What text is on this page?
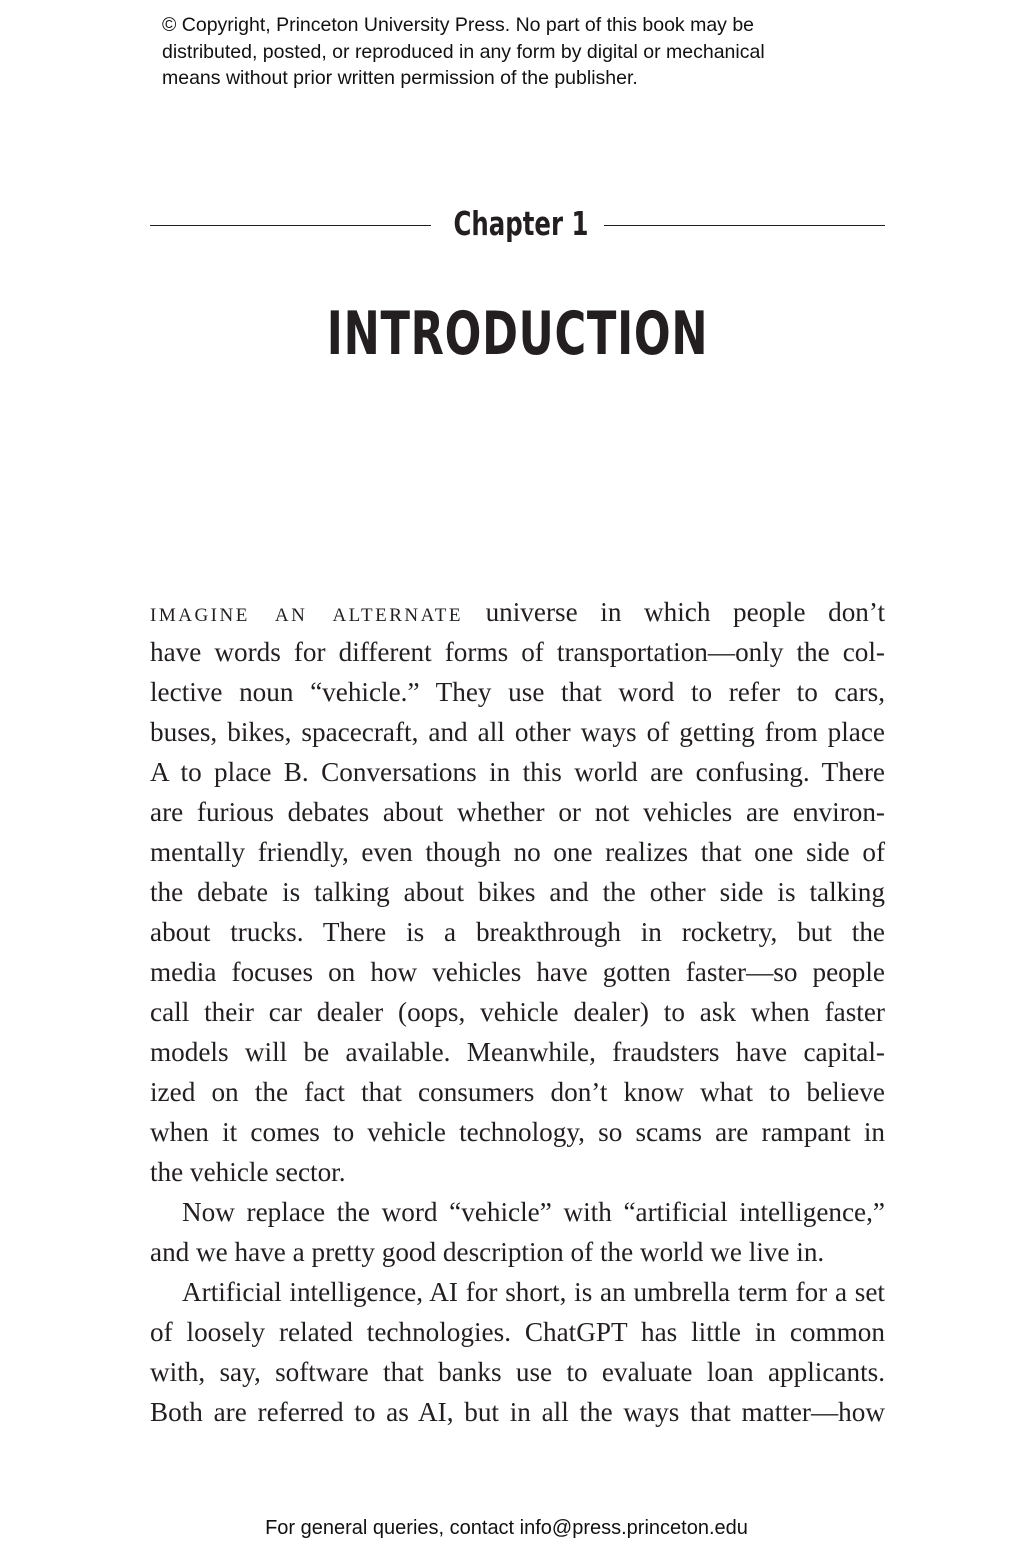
© Copyright, Princeton University Press. No part of this book may be
distributed, posted, or reproduced in any form by digital or mechanical
means without prior written permission of the publisher.
Chapter 1
INTRODUCTION

imagine an alternate universe in which people don’t
have words for different forms of transportation—only the col-
lective noun “vehicle.” They use that word to refer to cars,
buses, bikes, spacecraft, and all other ways of getting from place
A to place B. Conversations in this world are confusing. There
are furious debates about whether or not vehicles are environ-
mentally friendly, even though no one realizes that one side of
the debate is talking about bikes and the other side is talking
about trucks. There is a breakthrough in rocketry, but the
media focuses on how vehicles have gotten faster—so people
call their car dealer (oops, vehicle dealer) to ask when faster
models will be available. Meanwhile, fraudsters have capital-
ized on the fact that consumers don’t know what to believe
when it comes to vehicle technology, so scams are rampant in
the vehicle sector.

Now replace the word “vehicle” with “artificial intelligence,”
and we have a pretty good description of the world we live in.

Artificial intelligence, AI for short, is an umbrella term for a set
of loosely related technologies. ChatGPT has little in common
with, say, software that banks use to evaluate loan applicants.
Both are referred to as AI, but in all the ways that matter—how

For general queries, contact info@press.princeton.edu
